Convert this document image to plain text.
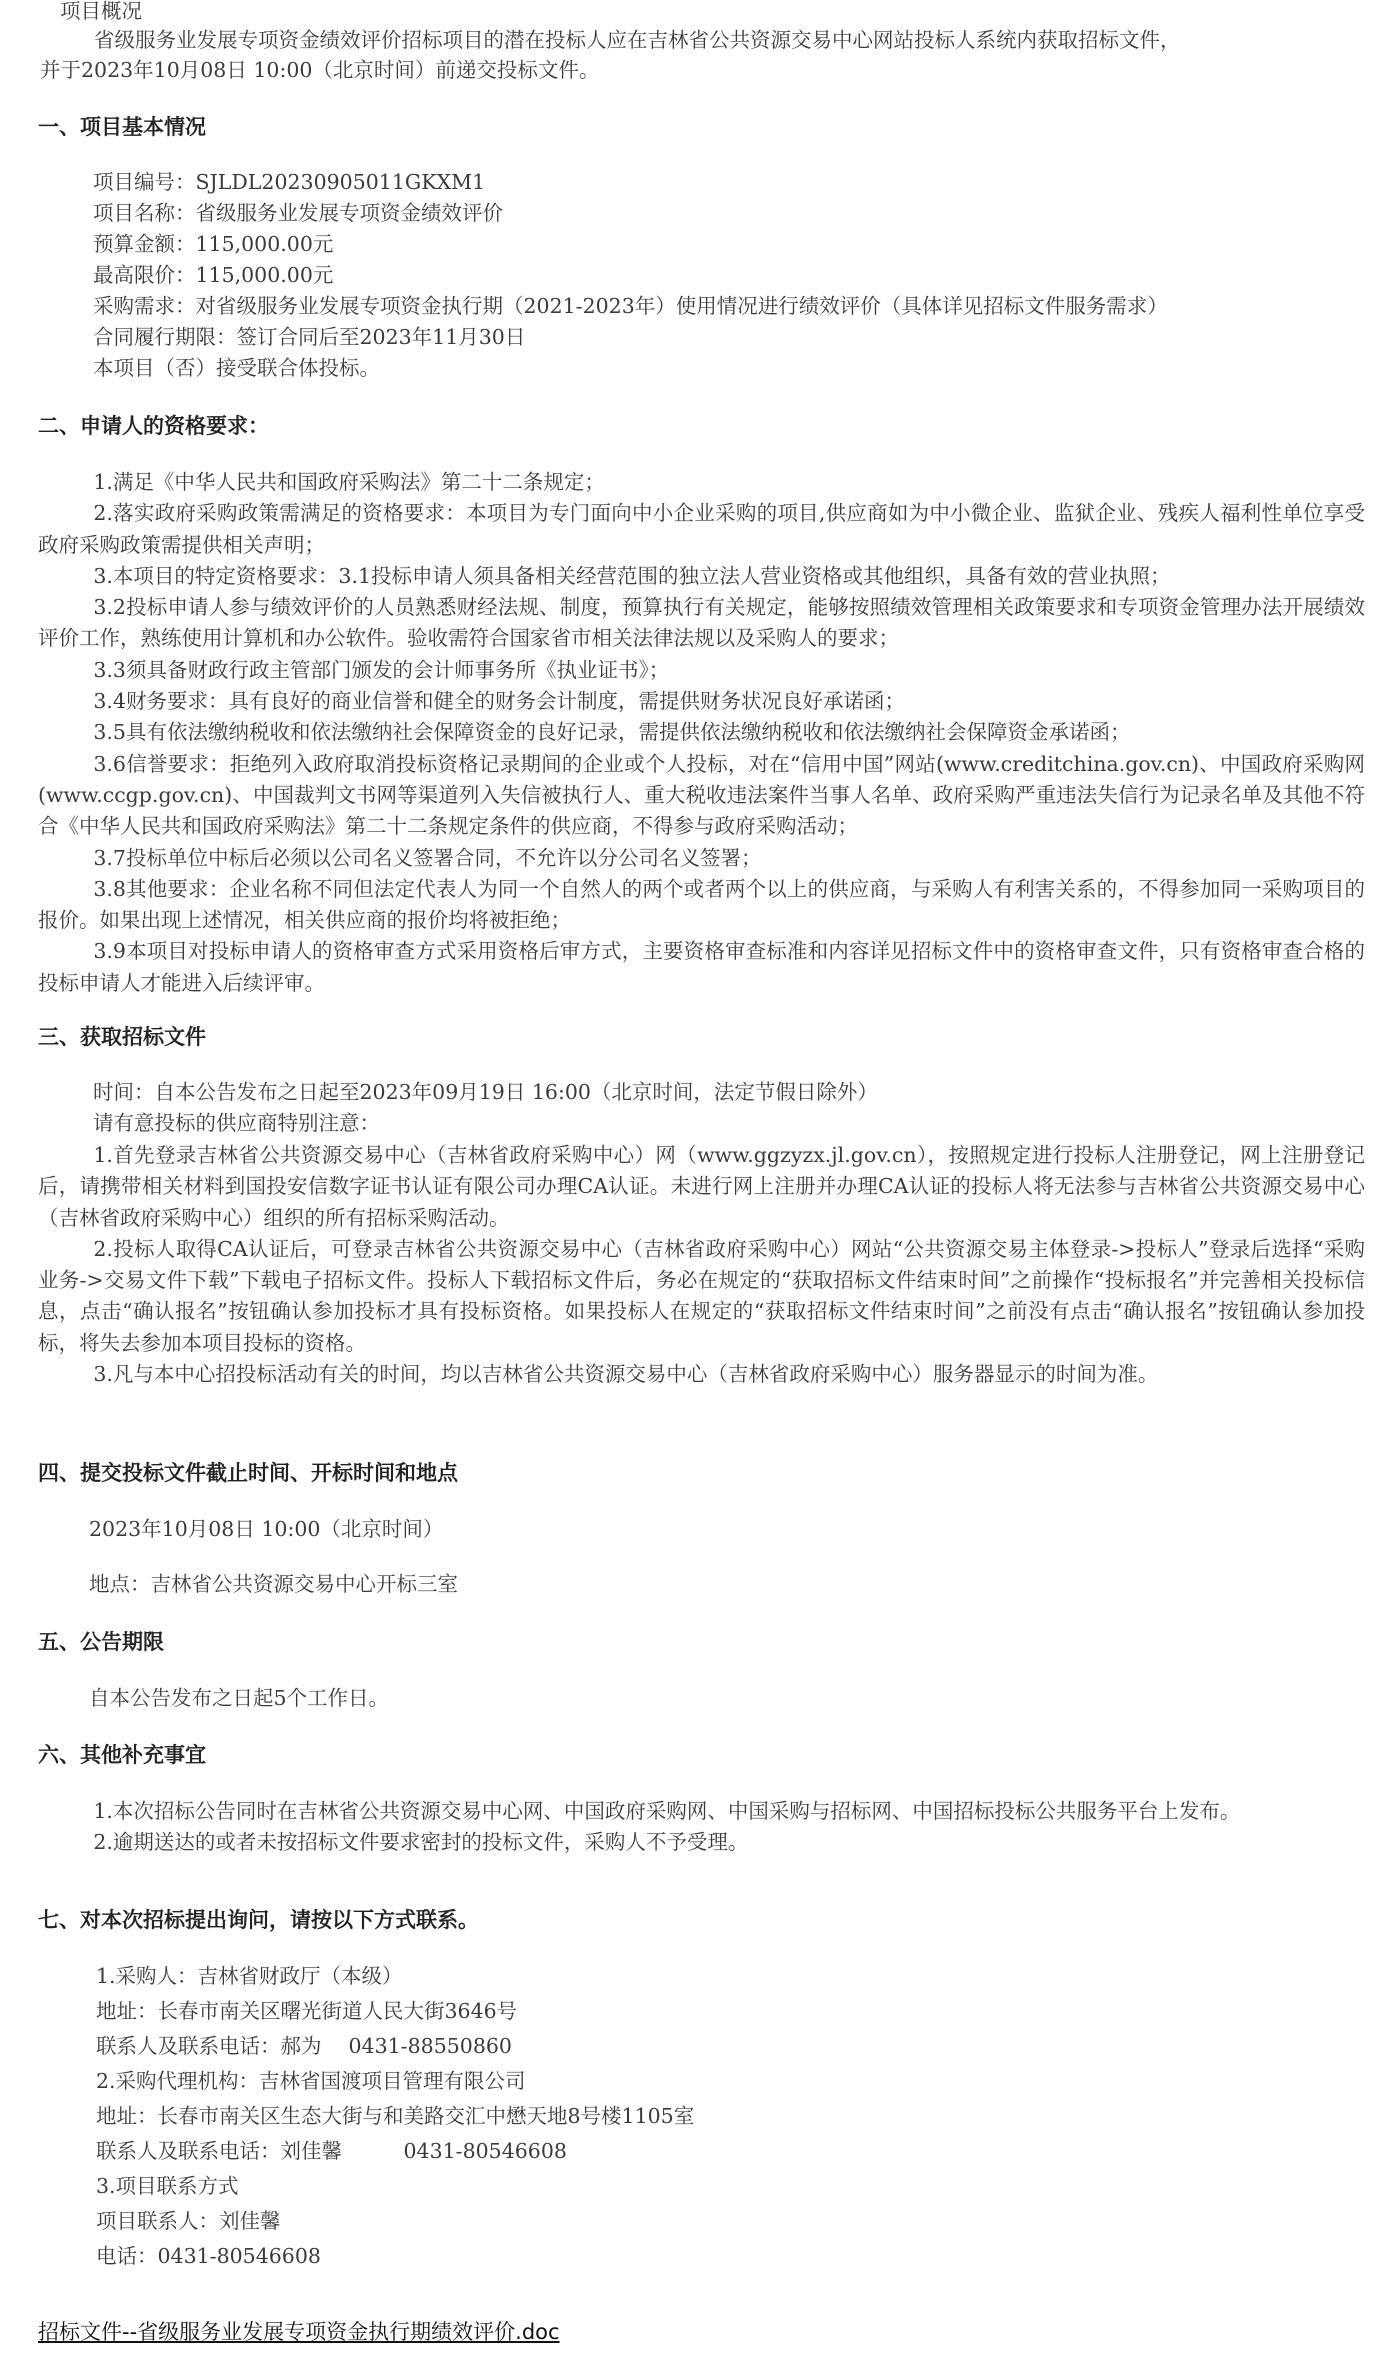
项目概况
省级服务业发展专项资金绩效评价招标项目的潜在投标人应在吉林省公共资源交易中心网站投标人系统内获取招标文件，
并于2023年10月08日 10:00（北京时间）前递交投标文件。
一、项目基本情况
项目编号：SJLDL20230905011GKXM1
项目名称：省级服务业发展专项资金绩效评价
预算金额：115,000.00元
最高限价：115,000.00元
采购需求：对省级服务业发展专项资金执行期（2021-2023年）使用情况进行绩效评价（具体详见招标文件服务需求）
合同履行期限：签订合同后至2023年11月30日
本项目（否）接受联合体投标。
二、申请人的资格要求：

1.满足《中华人民共和国政府采购法》第二十二条规定；

2.落实政府采购政策需满足的资格要求：本项目为专门面向中小企业采购的项目,供应商如为中小微企业、监狱企业、残疾人福利性单位享受政府采购政策需提供相关声明；

3.本项目的特定资格要求：3.1投标申请人须具备相关经营范围的独立法人营业资格或其他组织，具备有效的营业执照；

3.2投标申请人参与绩效评价的人员熟悉财经法规、制度，预算执行有关规定，能够按照绩效管理相关政策要求和专项资金管理办法开展绩效评价工作，熟练使用计算机和办公软件。验收需符合国家省市相关法律法规以及采购人的要求；

3.3须具备财政行政主管部门颁发的会计师事务所《执业证书》；

3.4财务要求：具有良好的商业信誉和健全的财务会计制度，需提供财务状况良好承诺函；

3.5具有依法缴纳税收和依法缴纳社会保障资金的良好记录，需提供依法缴纳税收和依法缴纳社会保障资金承诺函；

3.6信誉要求：拒绝列入政府取消投标资格记录期间的企业或个人投标，对在“信用中国”网站(www.creditchina.gov.cn)、中国政府采购网(www.ccgp.gov.cn)、中国裁判文书网等渠道列入失信被执行人、重大税收违法案件当事人名单、政府采购严重违法失信行为记录名单及其他不符合《中华人民共和国政府采购法》第二十二条规定条件的供应商，不得参与政府采购活动；

3.7投标单位中标后必须以公司名义签署合同，不允许以分公司名义签署；

3.8其他要求：企业名称不同但法定代表人为同一个自然人的两个或者两个以上的供应商，与采购人有利害关系的，不得参加同一采购项目的报价。如果出现上述情况，相关供应商的报价均将被拒绝；

3.9本项目对投标申请人的资格审查方式采用资格后审方式，主要资格审查标准和内容详见招标文件中的资格审查文件，只有资格审查合格的投标申请人才能进入后续评审。

三、获取招标文件
时间：自本公告发布之日起至2023年09月19日 16:00（北京时间，法定节假日除外）
请有意投标的供应商特别注意：

1.首先登录吉林省公共资源交易中心（吉林省政府采购中心）网（www.ggzyzx.jl.gov.cn），按照规定进行投标人注册登记，网上注册登记后，请携带相关材料到国投安信数字证书认证有限公司办理CA认证。未进行网上注册并办理CA认证的投标人将无法参与吉林省公共资源交易中心（吉林省政府采购中心）组织的所有招标采购活动。

2.投标人取得CA认证后，可登录吉林省公共资源交易中心（吉林省政府采购中心）网站“公共资源交易主体登录->投标人”登录后选择“采购业务->交易文件下载”下载电子招标文件。投标人下载招标文件后，务必在规定的“获取招标文件结束时间”之前操作“投标报名”并完善相关投标信息，点击“确认报名”按钮确认参加投标才具有投标资格。如果投标人在规定的“获取招标文件结束时间”之前没有点击“确认报名”按钮确认参加投标，将失去参加本项目投标的资格。

3.凡与本中心招投标活动有关的时间，均以吉林省公共资源交易中心（吉林省政府采购中心）服务器显示的时间为准。

四、提交投标文件截止时间、开标时间和地点
2023年10月08日 10:00（北京时间）
地点：吉林省公共资源交易中心开标三室
五、公告期限
自本公告发布之日起5个工作日。
六、其他补充事宜

1.本次招标公告同时在吉林省公共资源交易中心网、中国政府采购网、中国采购与招标网、中国招标投标公共服务平台上发布。

2.逾期送达的或者未按招标文件要求密封的投标文件，采购人不予受理。

七、对本次招标提出询问，请按以下方式联系。
1.采购人：吉林省财政厅（本级）
地址：长春市南关区曙光街道人民大街3646号
联系人及联系电话：郝为　 0431-88550860
2.采购代理机构：吉林省国渡项目管理有限公司
地址：长春市南关区生态大街与和美路交汇中懋天地8号楼1105室
联系人及联系电话：刘佳馨　　　0431-80546608
3.项目联系方式
项目联系人：刘佳馨
电话：0431-80546608
招标文件--省级服务业发展专项资金执行期绩效评价.doc
